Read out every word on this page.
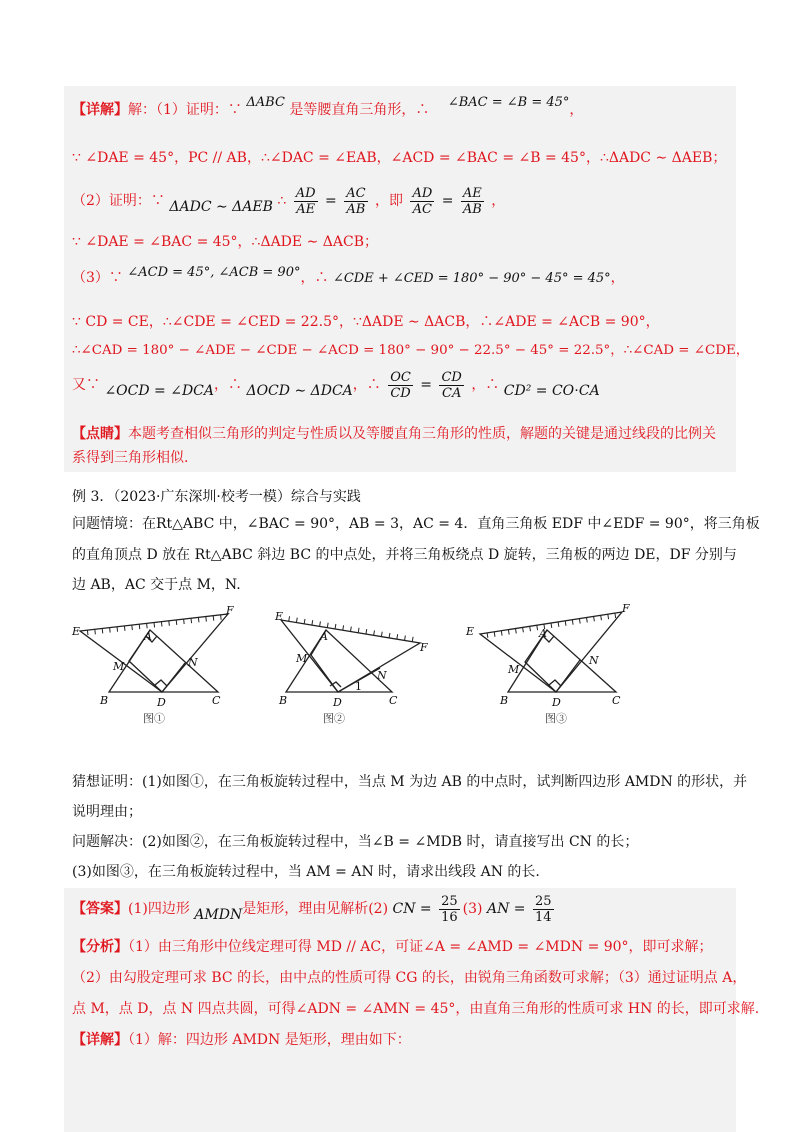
【详解】解：（1）证明：∵ ΔABC 是等腰直角三角形，∴ ∠BAC = ∠B = 45°，
∵ ∠DAE = 45°，PC // AB，∴∠DAC = ∠EAB，∠ACD = ∠BAC = ∠B = 45°，∴ΔADC ∼ ΔAEB；
（2）证明：∵ ΔADC ∼ ΔAEB ∴ $\frac{AD}{AE} = \frac{AC}{AB}$ ，即 $\frac{AD}{AC} = \frac{AE}{AB}$ ，
∵ ∠DAE = ∠BAC = 45°，∴ΔADE ∼ ΔACB；
（3）∵ ∠ACD = 45°, ∠ACB = 90°，∴ ∠CDE + ∠CED = 180° − 90° − 45° = 45°，
∵ CD = CE，∴∠CDE = ∠CED = 22.5°，∵ΔADE ∼ ΔACB，∴∠ADE = ∠ACB = 90°，
∴∠CAD = 180° − ∠ADE − ∠CDE − ∠ACD = 180° − 90° − 22.5° − 45° = 22.5°，∴∠CAD = ∠CDE，
又∵ ∠OCD = ∠DCA，∴ ΔOCD ∼ ΔDCA，∴ $\frac{OC}{CD} = \frac{CD}{CA}$ ，∴ CD² = CO⋅CA
【点睛】本题考查相似三角形的判定与性质以及等腰直角三角形的性质，解题的关键是通过线段的比例关
系得到三角形相似.
例 3．（2023·广东深圳·校考一模）综合与实践
问题情境：在Rt△ABC 中，∠BAC = 90°，AB = 3，AC = 4．直角三角板 EDF 中∠EDF = 90°，将三角板
的直角顶点 D 放在 Rt△ABC 斜边 BC 的中点处，并将三角板绕点 D 旋转，三角板的两边 DE，DF 分别与
边 AB，AC 交于点 M，N.
E
F
A
M	N
B	D	C
图①
E
F
A
M
N
B	D	C
1
图②
E
F
A
M
N
B	D	C
图③
猜想证明：(1)如图①，在三角板旋转过程中，当点 M 为边 AB 的中点时，试判断四边形 AMDN 的形状，并
说明理由；
问题解决：(2)如图②，在三角板旋转过程中，当∠B = ∠MDB 时，请直接写出 CN 的长；
(3)如图③，在三角板旋转过程中，当 AM = AN 时，请求出线段 AN 的长.
【答案】(1)四边形 AMDN是矩形，理由见解析(2) CN = $\frac{25}{16} (3)$ AN = $\frac{25}{14}$
【分析】（1）由三角形中位线定理可得 MD // AC，可证∠A = ∠AMD = ∠MDN = 90°，即可求解；
（2）由勾股定理可求 BC 的长，由中点的性质可得 CG 的长，由锐角三角函数可求解；（3）通过证明点 A，
点 M，点 D，点 N 四点共圆，可得∠ADN = ∠AMN = 45°，由直角三角形的性质可求 HN 的长，即可求解.
【详解】（1）解：四边形 AMDN 是矩形，理由如下：
